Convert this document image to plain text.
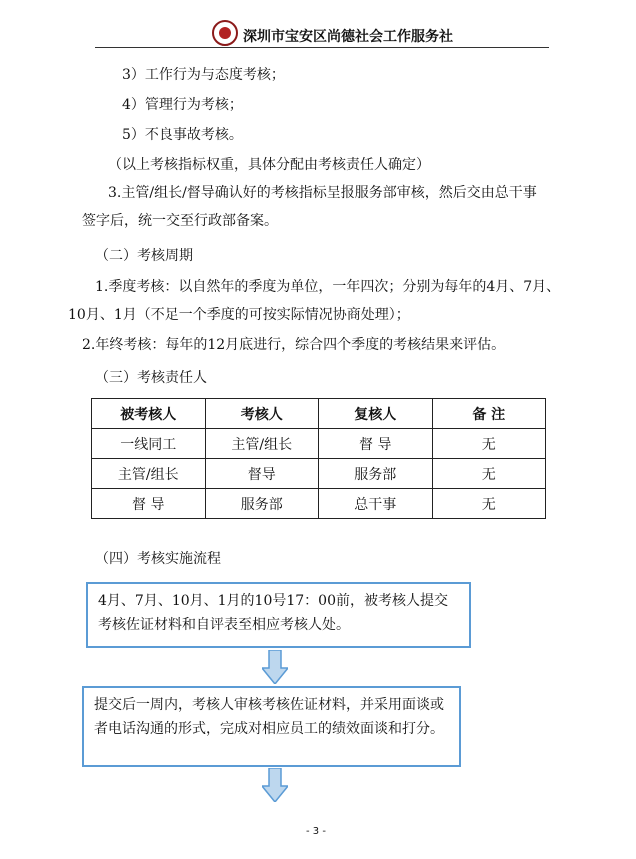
深圳市宝安区尚德社会工作服务社
3）工作行为与态度考核；
4）管理行为考核；
5）不良事故考核。
（以上考核指标权重，具体分配由考核责任人确定）
3.主管/组长/督导确认好的考核指标呈报服务部审核，然后交由总干事
签字后，统一交至行政部备案。
（二）考核周期
1.季度考核：以自然年的季度为单位，一年四次；分别为每年的4月、7月、
10月、1月（不足一个季度的可按实际情况协商处理）；
2.年终考核：每年的12月底进行，综合四个季度的考核结果来评估。
（三）考核责任人
被考核人	考核人	复核人	备 注
一线同工	主管/组长	督 导	无
主管/组长	督导	服务部	无
督 导	服务部	总干事	无
（四）考核实施流程
4月、7月、10月、1月的10号17：00前，被考核人提交考核佐证材料和自评表至相应考核人处。
提交后一周内，考核人审核考核佐证材料，并采用面谈或者电话沟通的形式，完成对相应员工的绩效面谈和打分。
- 3 -
